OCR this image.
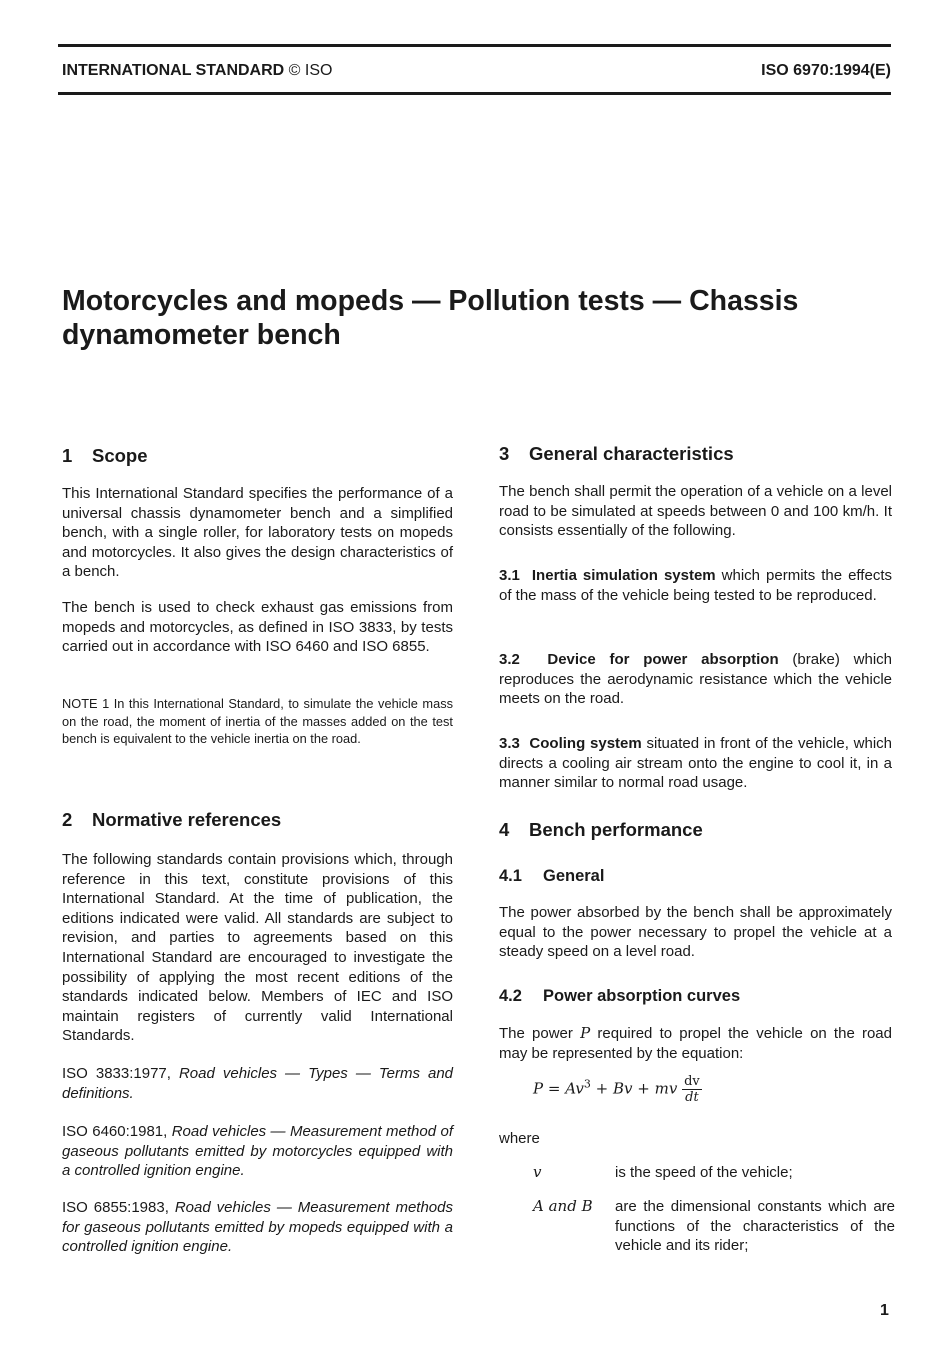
INTERNATIONAL STANDARD © ISO	ISO 6970:1994(E)
Motorcycles and mopeds — Pollution tests — Chassis dynamometer bench
1 Scope

This International Standard specifies the performance of a universal chassis dynamometer bench and a simplified bench, with a single roller, for laboratory tests on mopeds and motorcycles. It also gives the design characteristics of a bench.

The bench is used to check exhaust gas emissions from mopeds and motorcycles, as defined in ISO 3833, by tests carried out in accordance with ISO 6460 and ISO 6855.

NOTE 1 In this International Standard, to simulate the vehicle mass on the road, the moment of inertia of the masses added on the test bench is equivalent to the vehicle inertia on the road.
2 Normative references

The following standards contain provisions which, through reference in this text, constitute provisions of this International Standard. At the time of publication, the editions indicated were valid. All standards are subject to revision, and parties to agreements based on this International Standard are encouraged to investigate the possibility of applying the most recent editions of the standards indicated below. Members of IEC and ISO maintain registers of currently valid International Standards.

ISO 3833:1977, Road vehicles — Types — Terms and definitions.

ISO 6460:1981, Road vehicles — Measurement method of gaseous pollutants emitted by motorcycles equipped with a controlled ignition engine.

ISO 6855:1983, Road vehicles — Measurement methods for gaseous pollutants emitted by mopeds equipped with a controlled ignition engine.

3 General characteristics

The bench shall permit the operation of a vehicle on a level road to be simulated at speeds between 0 and 100 km/h. It consists essentially of the following.

3.1 Inertia simulation system which permits the effects of the mass of the vehicle being tested to be reproduced.

3.2 Device for power absorption (brake) which reproduces the aerodynamic resistance which the vehicle meets on the road.

3.3 Cooling system situated in front of the vehicle, which directs a cooling air stream onto the engine to cool it, in a manner similar to normal road usage.

4 Bench performance
4.1 General

The power absorbed by the bench shall be approximately equal to the power necessary to propel the vehicle at a steady speed on a level road.

4.2 Power absorption curves

The power P required to propel the vehicle on the road may be represented by the equation:

$P = Av^3 + Bv$ + mv $\frac{dv}{dt}$
where
v	is the speed of the vehicle;
A and B are the dimensional constants which are functions of the characteristics of the vehicle and its rider;
1
